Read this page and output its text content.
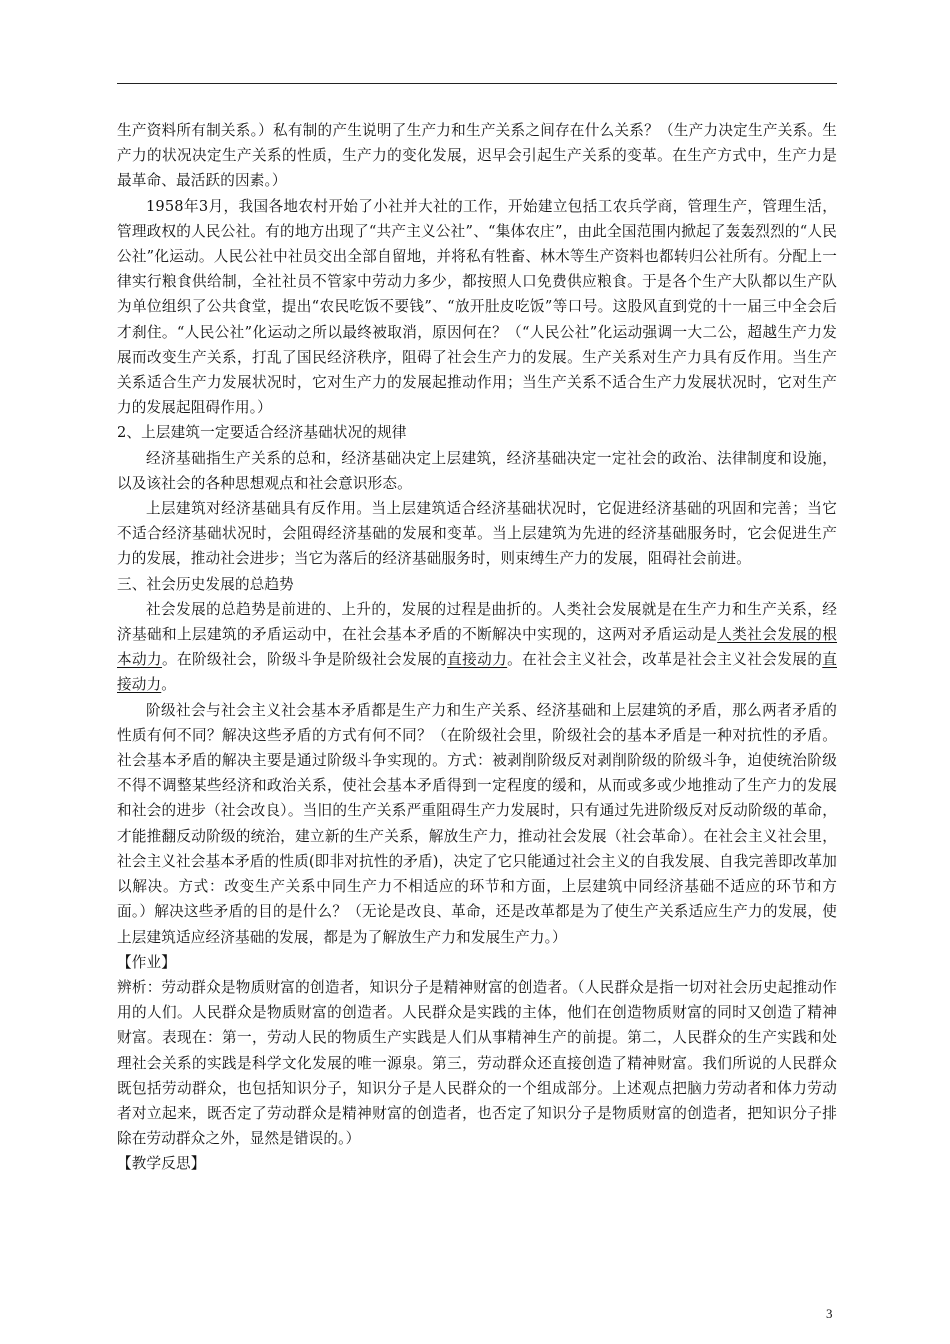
生产资料所有制关系。）私有制的产生说明了生产力和生产关系之间存在什么关系？（生产力决定生产关系。生产力的状况决定生产关系的性质，生产力的变化发展，迟早会引起生产关系的变革。在生产方式中，生产力是最革命、最活跃的因素。）

1958年3月，我国各地农村开始了小社并大社的工作，开始建立包括工农兵学商，管理生产，管理生活，管理政权的人民公社。有的地方出现了“共产主义公社”、“集体农庄”，由此全国范围内掀起了轰轰烈烈的“人民公社”化运动。人民公社中社员交出全部自留地，并将私有牲畜、林木等生产资料也都转归公社所有。分配上一律实行粮食供给制，全社社员不管家中劳动力多少，都按照人口免费供应粮食。于是各个生产大队都以生产队为单位组织了公共食堂，提出“农民吃饭不要钱”、“放开肚皮吃饭”等口号。这股风直到党的十一届三中全会后才刹住。“人民公社”化运动之所以最终被取消，原因何在？（“人民公社”化运动强调一大二公，超越生产力发展而改变生产关系，打乱了国民经济秩序，阻碍了社会生产力的发展。生产关系对生产力具有反作用。当生产关系适合生产力发展状况时，它对生产力的发展起推动作用；当生产关系不适合生产力发展状况时，它对生产力的发展起阻碍作用。）

2、上层建筑一定要适合经济基础状况的规律

经济基础指生产关系的总和，经济基础决定上层建筑，经济基础决定一定社会的政治、法律制度和设施，以及该社会的各种思想观点和社会意识形态。

上层建筑对经济基础具有反作用。当上层建筑适合经济基础状况时，它促进经济基础的巩固和完善；当它不适合经济基础状况时，会阻碍经济基础的发展和变革。当上层建筑为先进的经济基础服务时，它会促进生产力的发展，推动社会进步；当它为落后的经济基础服务时，则束缚生产力的发展，阻碍社会前进。

三、社会历史发展的总趋势

社会发展的总趋势是前进的、上升的，发展的过程是曲折的。人类社会发展就是在生产力和生产关系，经济基础和上层建筑的矛盾运动中，在社会基本矛盾的不断解决中实现的，这两对矛盾运动是人类社会发展的根本动力。在阶级社会，阶级斗争是阶级社会发展的直接动力。在社会主义社会，改革是社会主义社会发展的直接动力。

阶级社会与社会主义社会基本矛盾都是生产力和生产关系、经济基础和上层建筑的矛盾，那么两者矛盾的性质有何不同？解决这些矛盾的方式有何不同？（在阶级社会里，阶级社会的基本矛盾是一种对抗性的矛盾。社会基本矛盾的解决主要是通过阶级斗争实现的。方式：被剥削阶级反对剥削阶级的阶级斗争，迫使统治阶级不得不调整某些经济和政治关系，使社会基本矛盾得到一定程度的缓和，从而或多或少地推动了生产力的发展和社会的进步（社会改良）。当旧的生产关系严重阻碍生产力发展时，只有通过先进阶级反对反动阶级的革命，才能推翻反动阶级的统治，建立新的生产关系，解放生产力，推动社会发展（社会革命）。在社会主义社会里，社会主义社会基本矛盾的性质(即非对抗性的矛盾)，决定了它只能通过社会主义的自我发展、自我完善即改革加以解决。方式：改变生产关系中同生产力不相适应的环节和方面，上层建筑中同经济基础不适应的环节和方面。）解决这些矛盾的目的是什么？（无论是改良、革命，还是改革都是为了使生产关系适应生产力的发展，使上层建筑适应经济基础的发展，都是为了解放生产力和发展生产力。）

【作业】

辨析：劳动群众是物质财富的创造者，知识分子是精神财富的创造者。（人民群众是指一切对社会历史起推动作用的人们。人民群众是物质财富的创造者。人民群众是实践的主体，他们在创造物质财富的同时又创造了精神财富。表现在：第一，劳动人民的物质生产实践是人们从事精神生产的前提。第二，人民群众的生产实践和处理社会关系的实践是科学文化发展的唯一源泉。第三，劳动群众还直接创造了精神财富。我们所说的人民群众既包括劳动群众，也包括知识分子，知识分子是人民群众的一个组成部分。上述观点把脑力劳动者和体力劳动者对立起来，既否定了劳动群众是精神财富的创造者，也否定了知识分子是物质财富的创造者，把知识分子排除在劳动群众之外，显然是错误的。）

【教学反思】

3
